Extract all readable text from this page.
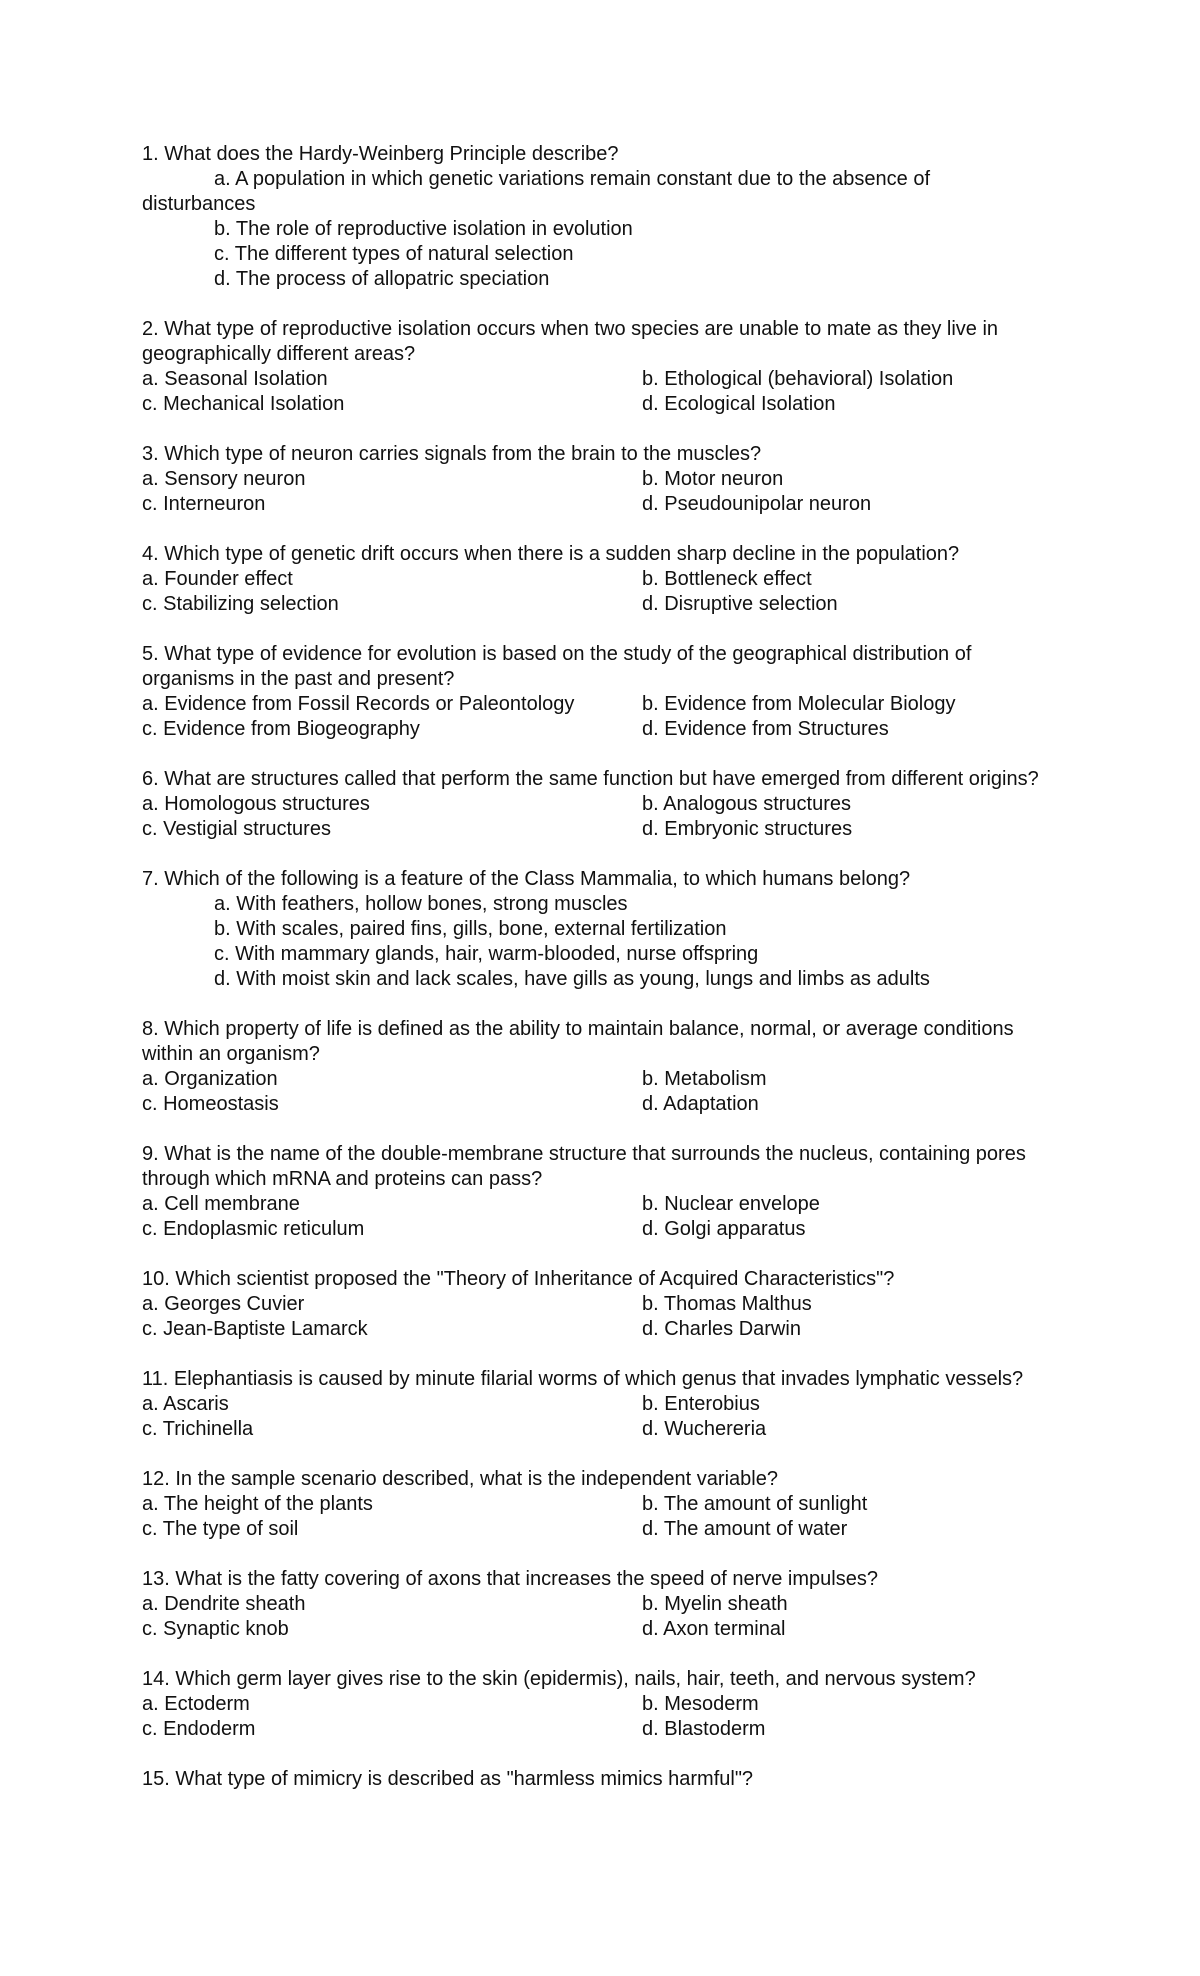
1. What does the Hardy-Weinberg Principle describe?
a. A population in which genetic variations remain constant due to the absence of
disturbances
b. The role of reproductive isolation in evolution
c. The different types of natural selection
d. The process of allopatric speciation
2. What type of reproductive isolation occurs when two species are unable to mate as they live in geographically different areas?
a. Seasonal Isolation	b. Ethological (behavioral) Isolation
c. Mechanical Isolation	d. Ecological Isolation
3. Which type of neuron carries signals from the brain to the muscles?
a. Sensory neuron	b. Motor neuron
c. Interneuron	d. Pseudounipolar neuron
4. Which type of genetic drift occurs when there is a sudden sharp decline in the population?
a. Founder effect	b. Bottleneck effect
c. Stabilizing selection	d. Disruptive selection
5. What type of evidence for evolution is based on the study of the geographical distribution of organisms in the past and present?
a. Evidence from Fossil Records or Paleontology	b. Evidence from Molecular Biology
c. Evidence from Biogeography	d. Evidence from Structures
6. What are structures called that perform the same function but have emerged from different origins?
a. Homologous structures	b. Analogous structures
c. Vestigial structures	d. Embryonic structures
7. Which of the following is a feature of the Class Mammalia, to which humans belong?
a. With feathers, hollow bones, strong muscles
b. With scales, paired fins, gills, bone, external fertilization
c. With mammary glands, hair, warm-blooded, nurse offspring
d. With moist skin and lack scales, have gills as young, lungs and limbs as adults
8. Which property of life is defined as the ability to maintain balance, normal, or average conditions within an organism?
a. Organization	b. Metabolism
c. Homeostasis	d. Adaptation
9. What is the name of the double-membrane structure that surrounds the nucleus, containing pores through which mRNA and proteins can pass?
a. Cell membrane	b. Nuclear envelope
c. Endoplasmic reticulum	d. Golgi apparatus
10. Which scientist proposed the "Theory of Inheritance of Acquired Characteristics"?
a. Georges Cuvier	b. Thomas Malthus
c. Jean-Baptiste Lamarck	d. Charles Darwin
11. Elephantiasis is caused by minute filarial worms of which genus that invades lymphatic vessels?
a. Ascaris	b. Enterobius
c. Trichinella	d. Wuchereria
12. In the sample scenario described, what is the independent variable?
a. The height of the plants	b. The amount of sunlight
c. The type of soil	d. The amount of water
13. What is the fatty covering of axons that increases the speed of nerve impulses?
a. Dendrite sheath	b. Myelin sheath
c. Synaptic knob	d. Axon terminal
14. Which germ layer gives rise to the skin (epidermis), nails, hair, teeth, and nervous system?
a. Ectoderm	b. Mesoderm
c. Endoderm	d. Blastoderm
15. What type of mimicry is described as "harmless mimics harmful"?
